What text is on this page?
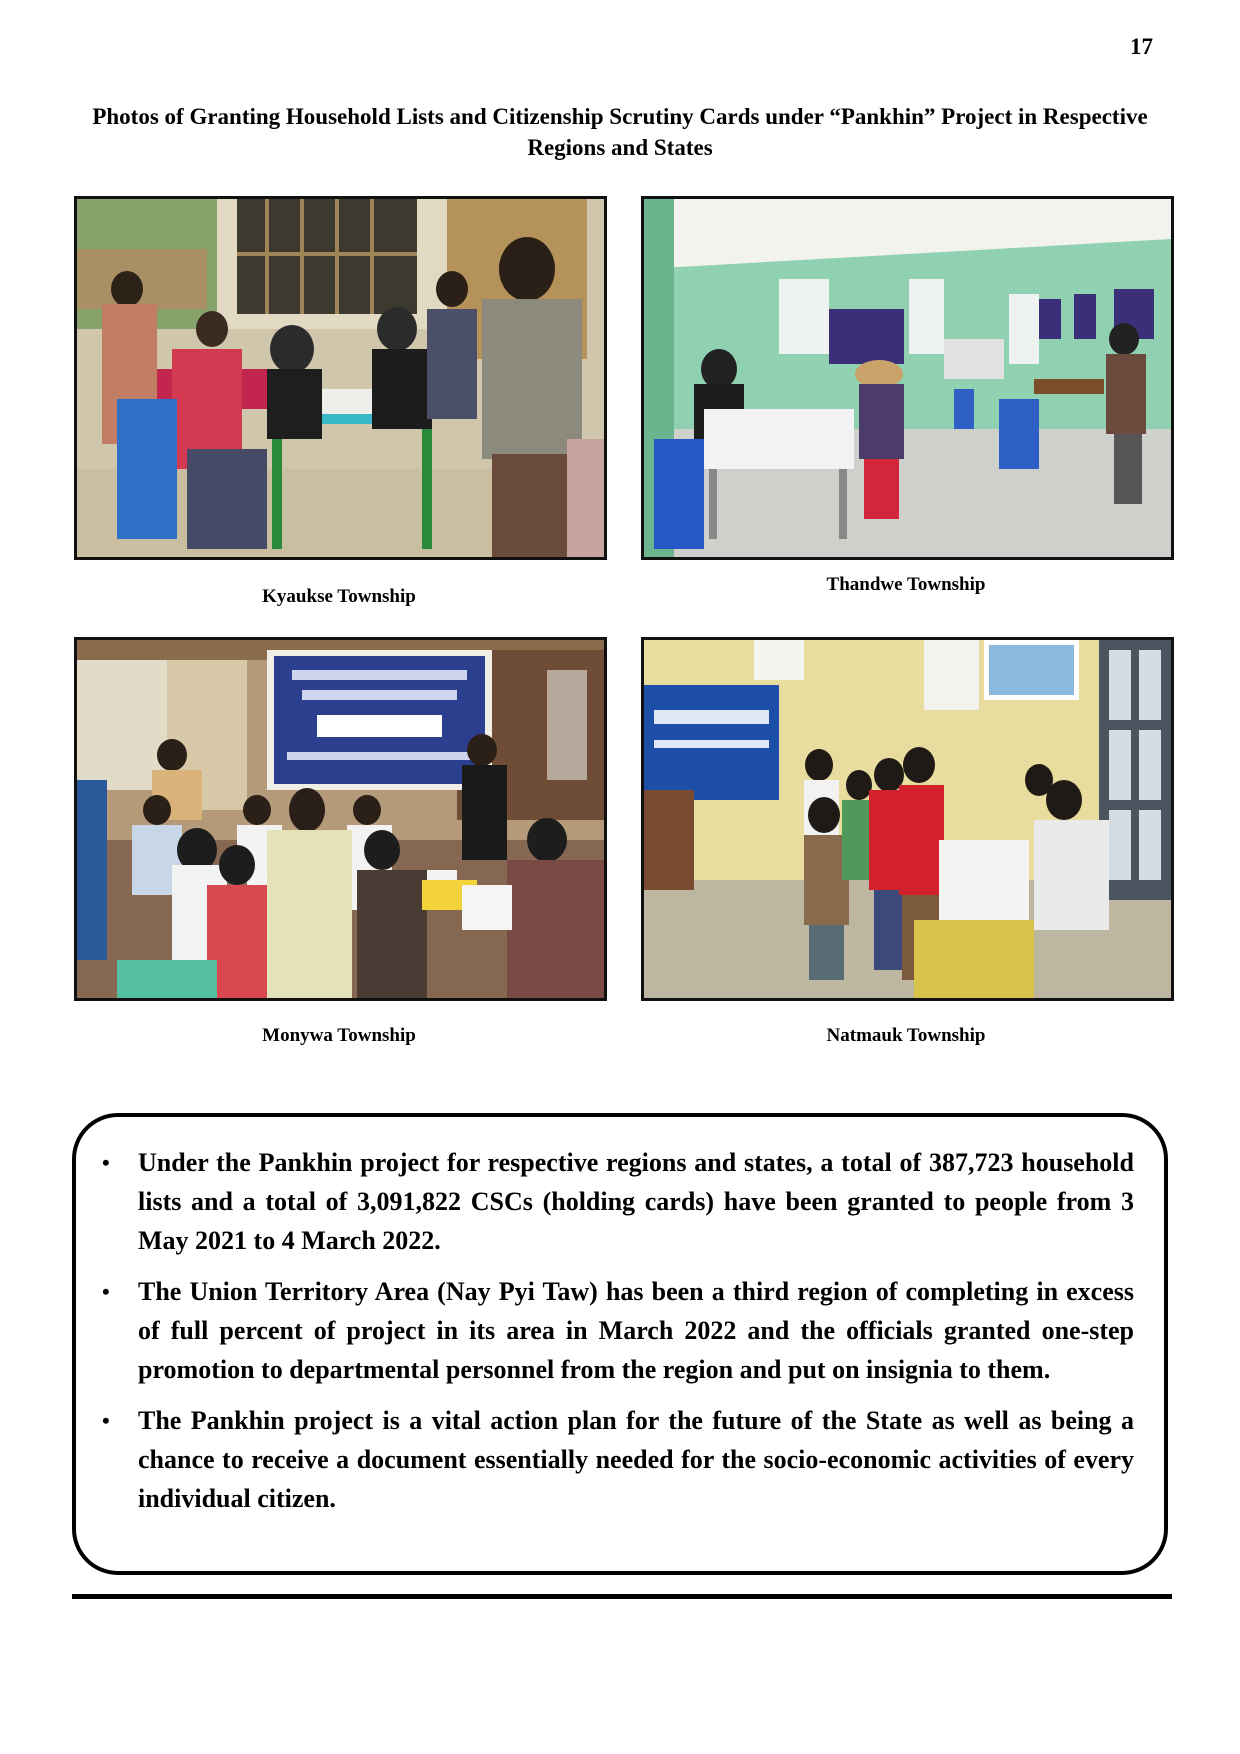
17
Photos of Granting Household Lists and Citizenship Scrutiny Cards under “Pankhin” Project in Respective Regions and States
Kyaukse Township
Thandwe Township
Monywa Township	Natmauk Township
• Under the Pankhin project for respective regions and states, a total of 387,723 household lists and a total of 3,091,822 CSCs (holding cards) have been granted to people from 3 May 2021 to 4 March 2022.
• The Union Territory Area (Nay Pyi Taw) has been a third region of completing in excess of full percent of project in its area in March 2022 and the officials granted one-step promotion to departmental personnel from the region and put on insignia to them.
• The Pankhin project is a vital action plan for the future of the State as well as being a chance to receive a document essentially needed for the socio-economic activities of every individual citizen.
